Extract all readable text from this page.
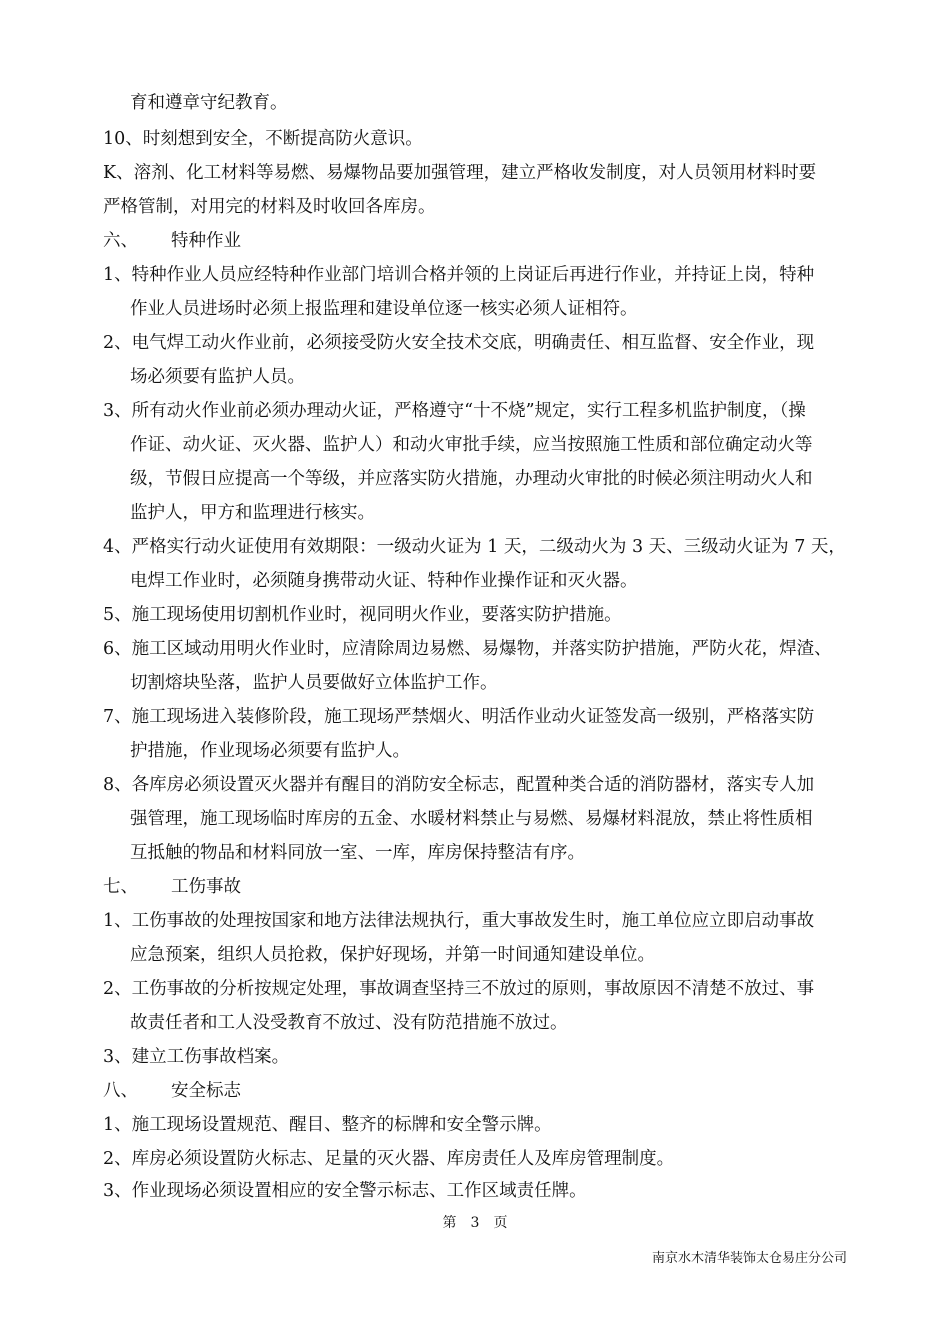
育和遵章守纪教育。
10、时刻想到安全，不断提高防火意识。
K、溶剂、化工材料等易燃、易爆物品要加强管理，建立严格收发制度，对人员领用材料时要
严格管制，对用完的材料及时收回各库房。
六、 特种作业
1、特种作业人员应经特种作业部门培训合格并领的上岗证后再进行作业，并持证上岗，特种
作业人员进场时必须上报监理和建设单位逐一核实必须人证相符。
2、电气焊工动火作业前，必须接受防火安全技术交底，明确责任、相互监督、安全作业，现
场必须要有监护人员。
3、所有动火作业前必须办理动火证，严格遵守“十不烧”规定，实行工程多机监护制度，（操
作证、动火证、灭火器、监护人）和动火审批手续，应当按照施工性质和部位确定动火等
级，节假日应提高一个等级，并应落实防火措施，办理动火审批的时候必须注明动火人和
监护人，甲方和监理进行核实。
4、严格实行动火证使用有效期限：一级动火证为 1 天，二级动火为 3 天、三级动火证为 7 天，
电焊工作业时，必须随身携带动火证、特种作业操作证和灭火器。
5、施工现场使用切割机作业时，视同明火作业，要落实防护措施。
6、施工区域动用明火作业时，应清除周边易燃、易爆物，并落实防护措施，严防火花，焊渣、
切割熔块坠落，监护人员要做好立体监护工作。
7、施工现场进入装修阶段，施工现场严禁烟火、明活作业动火证签发高一级别，严格落实防
护措施，作业现场必须要有监护人。
8、各库房必须设置灭火器并有醒目的消防安全标志，配置种类合适的消防器材，落实专人加
强管理，施工现场临时库房的五金、水暖材料禁止与易燃、易爆材料混放，禁止将性质相
互抵触的物品和材料同放一室、一库，库房保持整洁有序。
七、 工伤事故
1、工伤事故的处理按国家和地方法律法规执行，重大事故发生时，施工单位应立即启动事故
应急预案，组织人员抢救，保护好现场，并第一时间通知建设单位。
2、工伤事故的分析按规定处理，事故调查坚持三不放过的原则，事故原因不清楚不放过、事
故责任者和工人没受教育不放过、没有防范措施不放过。
3、建立工伤事故档案。
八、 安全标志
1、施工现场设置规范、醒目、整齐的标牌和安全警示牌。
2、库房必须设置防火标志、足量的灭火器、库房责任人及库房管理制度。
3、作业现场必须设置相应的安全警示标志、工作区域责任牌。
第　3　页
南京水木清华装饰太仓易庄分公司
